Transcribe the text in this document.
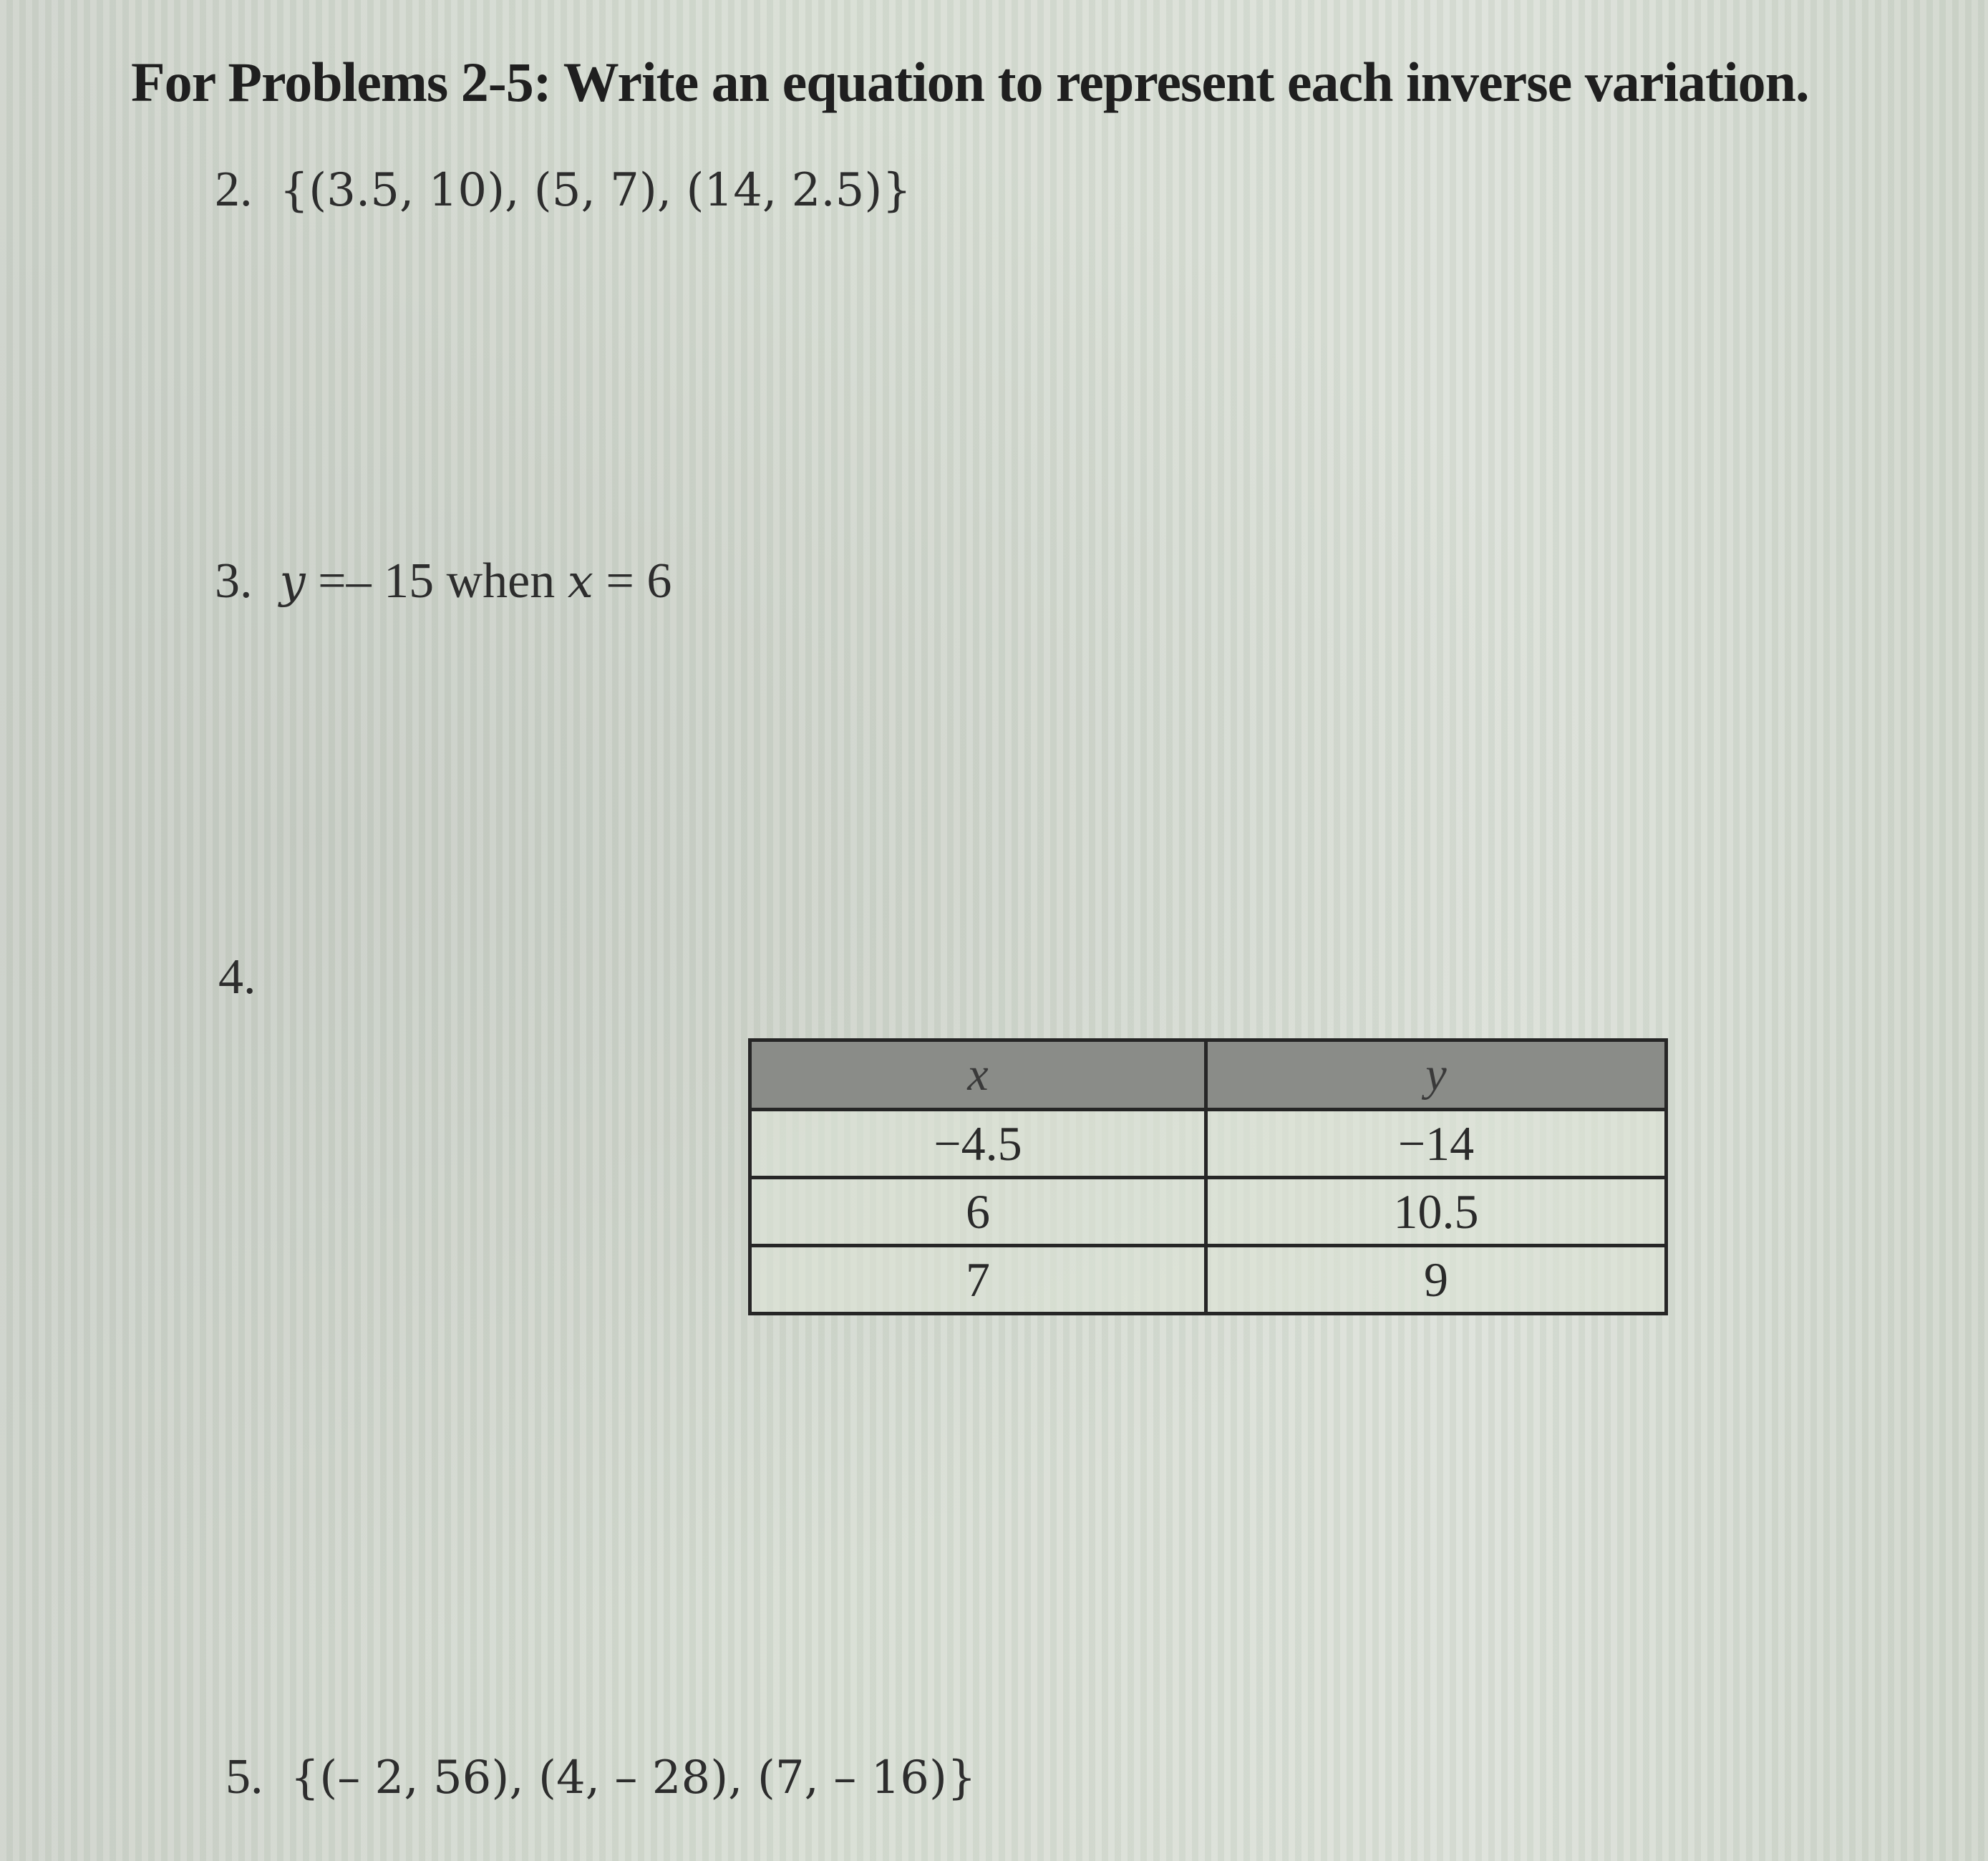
For Problems 2-5: Write an equation to represent each inverse variation.
2. {(3.5, 10), (5, 7), (14, 2.5)}
3. y =– 15 when x = 6
4.
x	y
−4.5	−14
6	10.5
7	9
5. {(– 2, 56), (4, – 28), (7, – 16)}
